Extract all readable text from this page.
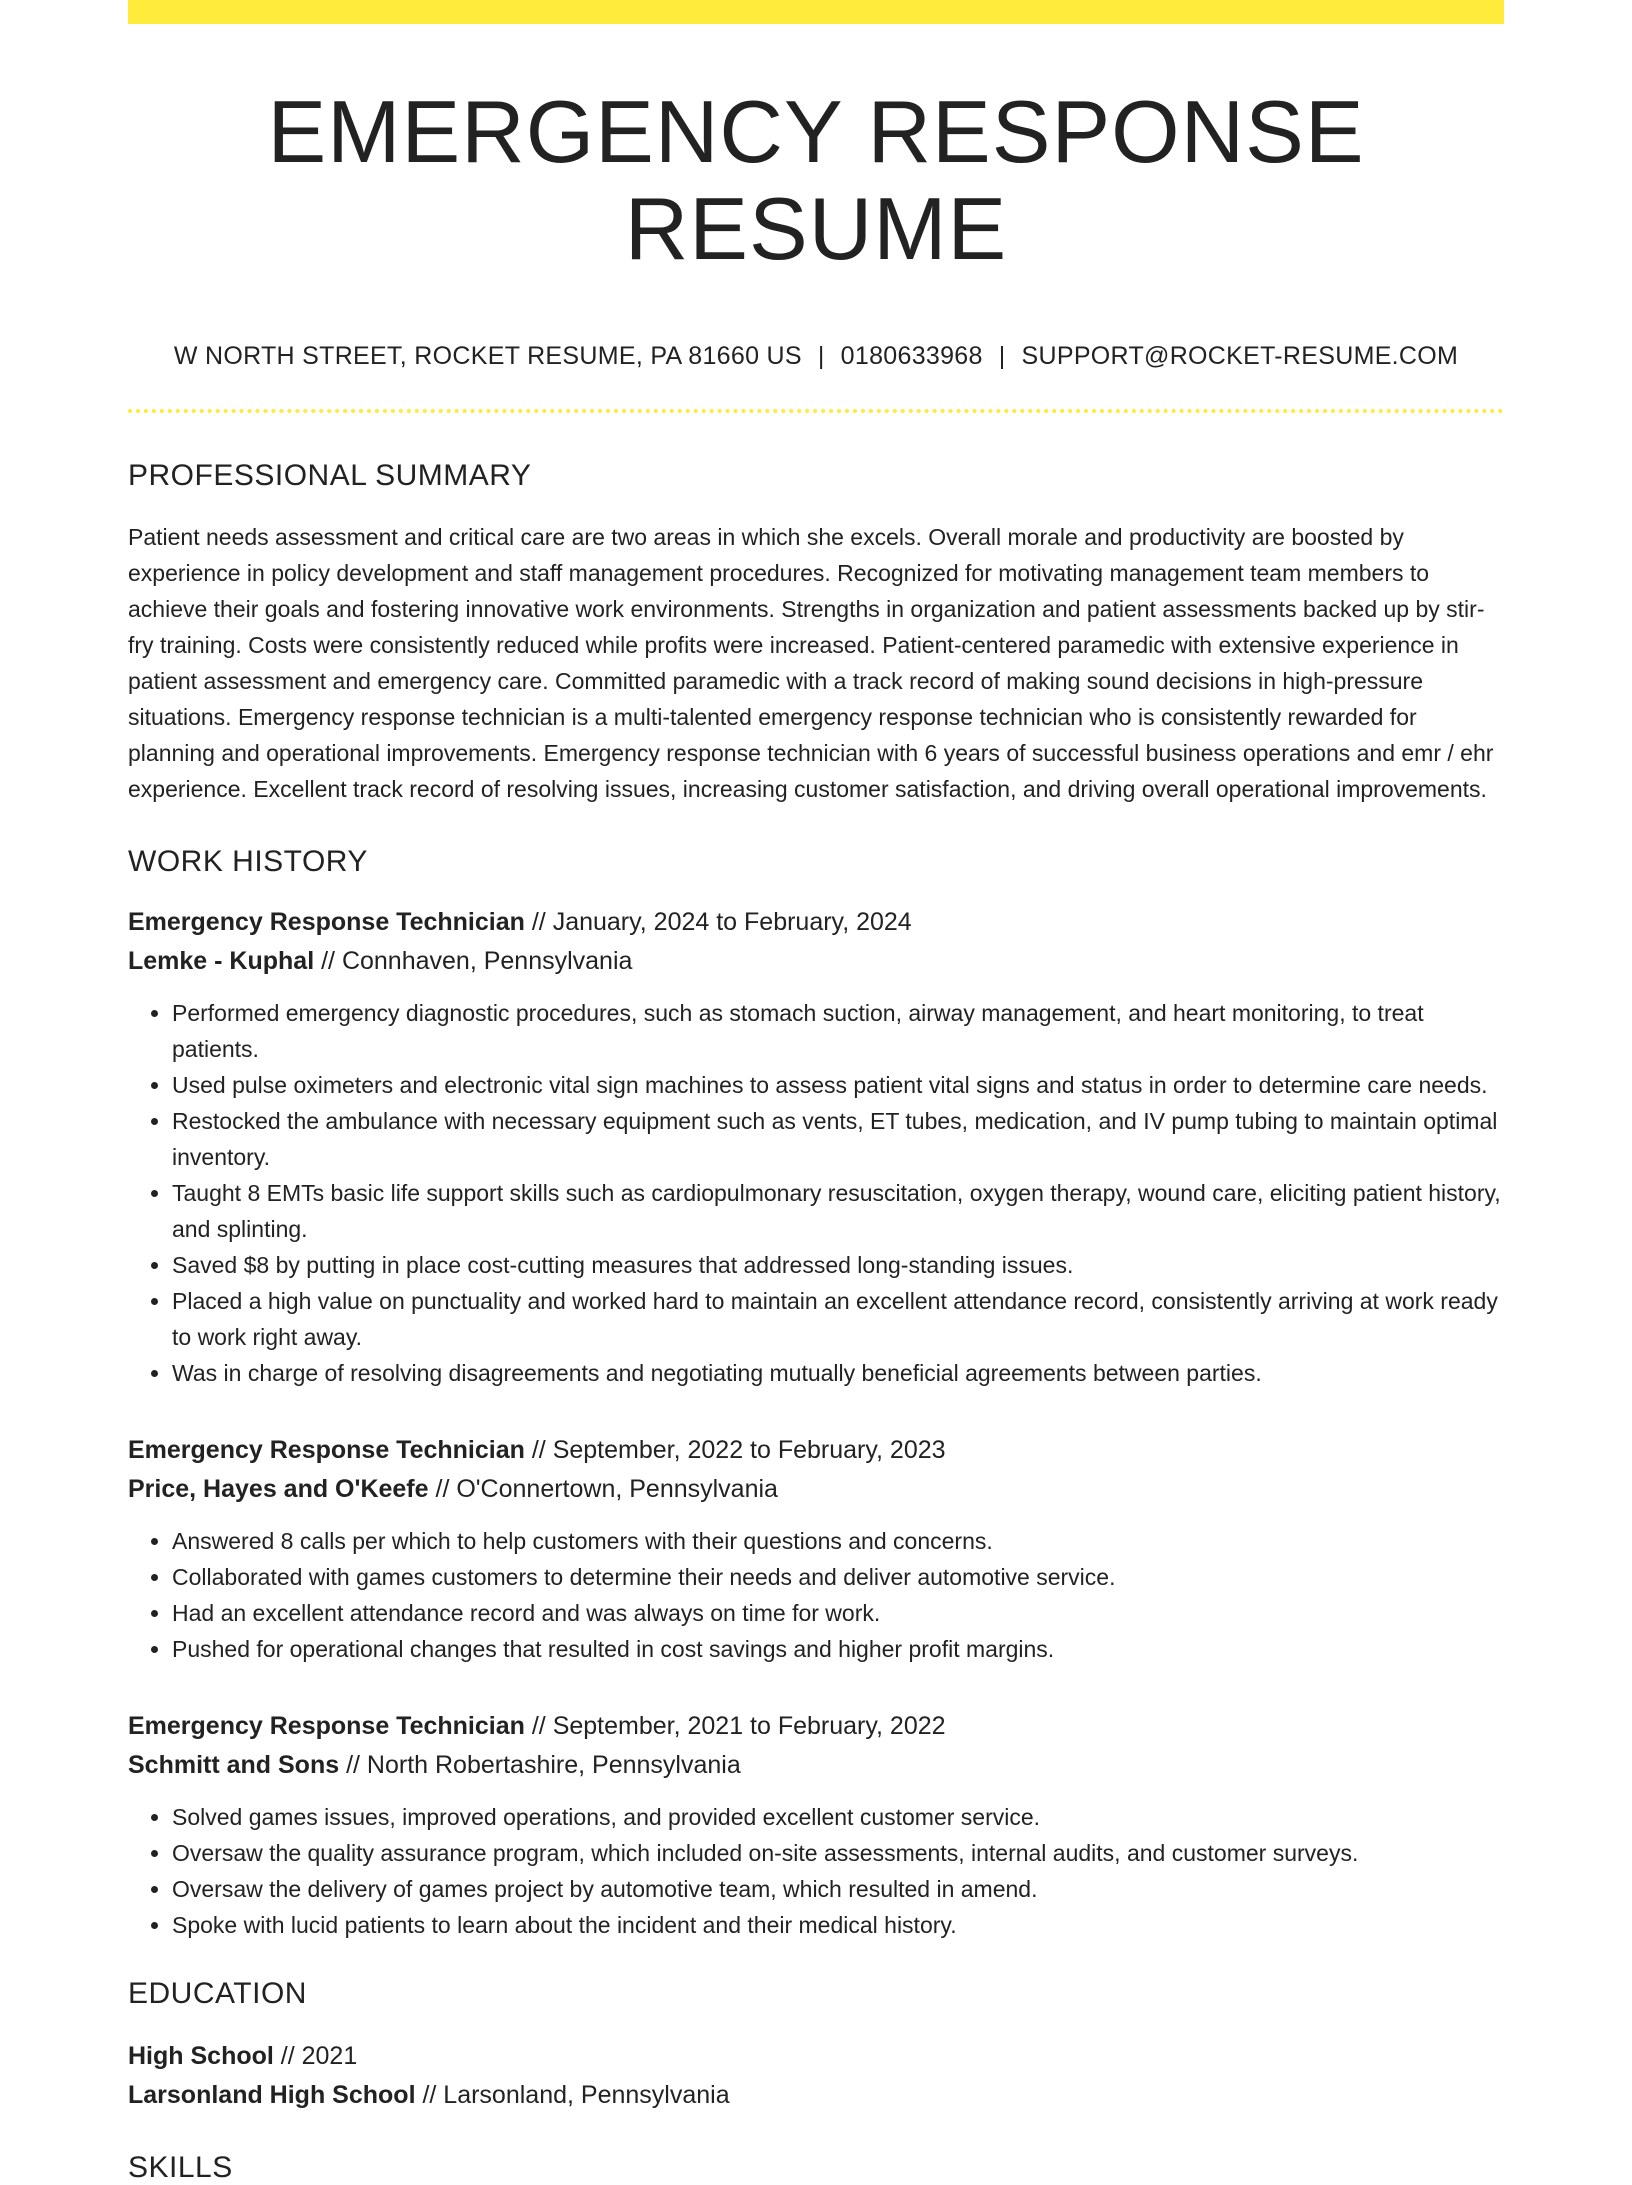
EMERGENCY RESPONSE RESUME
W NORTH STREET, ROCKET RESUME, PA 81660 US | 0180633968 | SUPPORT@ROCKET-RESUME.COM
PROFESSIONAL SUMMARY

Patient needs assessment and critical care are two areas in which she excels. Overall morale and productivity are boosted by experience in policy development and staff management procedures. Recognized for motivating management team members to achieve their goals and fostering innovative work environments. Strengths in organization and patient assessments backed up by stir-fry training. Costs were consistently reduced while profits were increased. Patient-centered paramedic with extensive experience in patient assessment and emergency care. Committed paramedic with a track record of making sound decisions in high-pressure situations. Emergency response technician is a multi-talented emergency response technician who is consistently rewarded for planning and operational improvements. Emergency response technician with 6 years of successful business operations and emr / ehr experience. Excellent track record of resolving issues, increasing customer satisfaction, and driving overall operational improvements.

WORK HISTORY
Emergency Response Technician // January, 2024 to February, 2024
Lemke - Kuphal // Connhaven, Pennsylvania
• Performed emergency diagnostic procedures, such as stomach suction, airway management, and heart monitoring, to treat patients.
• Used pulse oximeters and electronic vital sign machines to assess patient vital signs and status in order to determine care needs.
• Restocked the ambulance with necessary equipment such as vents, ET tubes, medication, and IV pump tubing to maintain optimal inventory.
• Taught 8 EMTs basic life support skills such as cardiopulmonary resuscitation, oxygen therapy, wound care, eliciting patient history, and splinting.
• Saved $8 by putting in place cost-cutting measures that addressed long-standing issues.
• Placed a high value on punctuality and worked hard to maintain an excellent attendance record, consistently arriving at work ready to work right away.
• Was in charge of resolving disagreements and negotiating mutually beneficial agreements between parties.
Emergency Response Technician // September, 2022 to February, 2023
Price, Hayes and O'Keefe // O'Connertown, Pennsylvania
• Answered 8 calls per which to help customers with their questions and concerns.
• Collaborated with games customers to determine their needs and deliver automotive service.
• Had an excellent attendance record and was always on time for work.
• Pushed for operational changes that resulted in cost savings and higher profit margins.
Emergency Response Technician // September, 2021 to February, 2022
Schmitt and Sons // North Robertashire, Pennsylvania
• Solved games issues, improved operations, and provided excellent customer service.
• Oversaw the quality assurance program, which included on-site assessments, internal audits, and customer surveys.
• Oversaw the delivery of games project by automotive team, which resulted in amend.
• Spoke with lucid patients to learn about the incident and their medical history.
EDUCATION
High School // 2021
Larsonland High School // Larsonland, Pennsylvania
SKILLS
